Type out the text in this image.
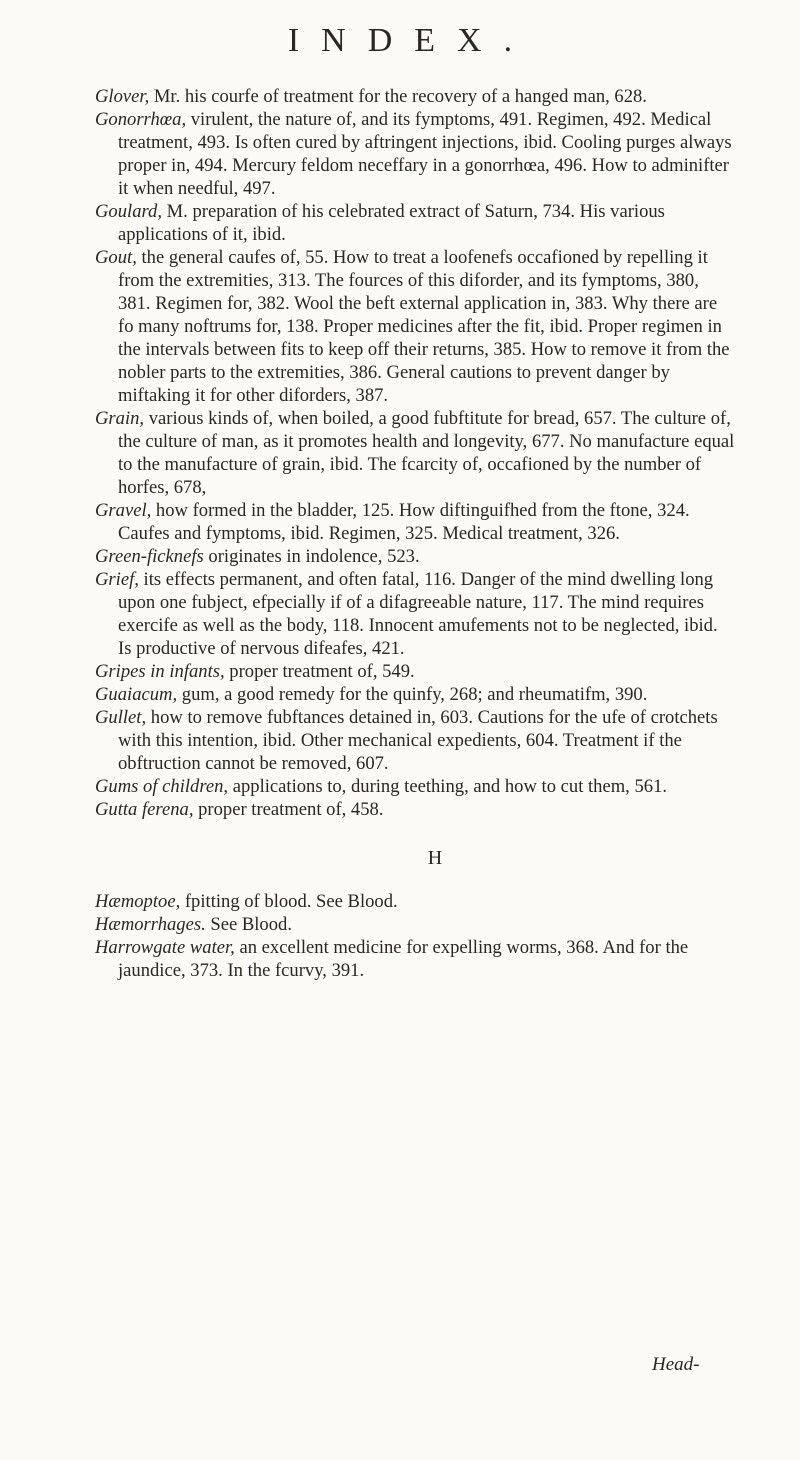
INDEX.

Glover, Mr. his courfe of treatment for the recovery of a hanged man, 628.

Gonorrhœa, virulent, the nature of, and its fymptoms, 491. Regimen, 492. Medical treatment, 493. Is often cured by aftringent injections, ibid. Cooling purges always proper in, 494. Mercury feldom neceffary in a gonorrhœa, 496. How to adminifter it when needful, 497.

Goulard, M. preparation of his celebrated extract of Saturn, 734. His various applications of it, ibid.

Gout, the general caufes of, 55. How to treat a loofenefs occafioned by repelling it from the extremities, 313. The fources of this diforder, and its fymptoms, 380, 381. Regimen for, 382. Wool the beft external application in, 383. Why there are fo many noftrums for, 138. Proper medicines after the fit, ibid. Proper regimen in the intervals between fits to keep off their returns, 385. How to remove it from the nobler parts to the extremities, 386. General cautions to prevent danger by miftaking it for other diforders, 387.

Grain, various kinds of, when boiled, a good fubftitute for bread, 657. The culture of, the culture of man, as it promotes health and longevity, 677. No manufacture equal to the manufacture of grain, ibid. The fcarcity of, occafioned by the number of horfes, 678,

Gravel, how formed in the bladder, 125. How diftinguifhed from the ftone, 324. Caufes and fymptoms, ibid. Regimen, 325. Medical treatment, 326.

Green-ficknefs originates in indolence, 523.

Grief, its effects permanent, and often fatal, 116. Danger of the mind dwelling long upon one fubject, efpecially if of a difagreeable nature, 117. The mind requires exercife as well as the body, 118. Innocent amufements not to be neglected, ibid. Is productive of nervous difeafes, 421.

Gripes in infants, proper treatment of, 549.

Guaiacum, gum, a good remedy for the quinfy, 268; and rheumatifm, 390.

Gullet, how to remove fubftances detained in, 603. Cautions for the ufe of crotchets with this intention, ibid. Other mechanical expedients, 604. Treatment if the obftruction cannot be removed, 607.

Gums of children, applications to, during teething, and how to cut them, 561.

Gutta ferena, proper treatment of, 458.

H

Hæmoptoe, fpitting of blood. See Blood.

Hæmorrhages. See Blood.

Harrowgate water, an excellent medicine for expelling worms, 368. And for the jaundice, 373. In the fcurvy, 391.

Head-
